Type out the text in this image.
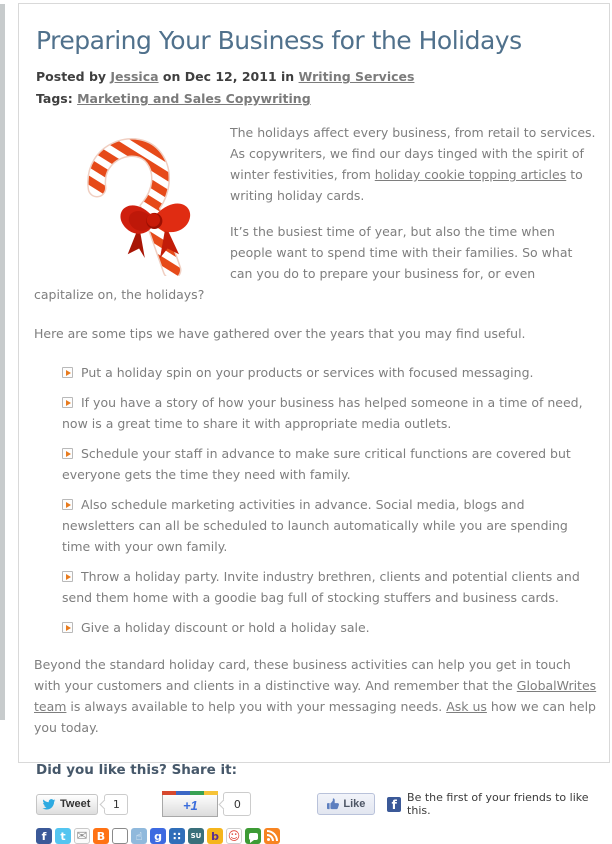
Preparing Your Business for the Holidays
Posted by Jessica on Dec 12, 2011 in Writing Services
Tags: Marketing and Sales Copywriting

The holidays affect every business, from retail to services. As copywriters, we find our days tinged with the spirit of winter festivities, from holiday cookie topping articles to writing holiday cards.

It’s the busiest time of year, but also the time when people want to spend time with their families. So what can you do to prepare your business for, or even capitalize on, the holidays?

Here are some tips we have gathered over the years that you may find useful.

Put a holiday spin on your products or services with focused messaging.
If you have a story of how your business has helped someone in a time of need, now is a great time to share it with appropriate media outlets.
Schedule your staff in advance to make sure critical functions are covered but everyone gets the time they need with family.
Also schedule marketing activities in advance. Social media, blogs and newsletters can all be scheduled to launch automatically while you are spending time with your own family.
Throw a holiday party. Invite industry brethren, clients and potential clients and send them home with a goodie bag full of stocking stuffers and business cards.
Give a holiday discount or hold a holiday sale.

Beyond the standard holiday card, these business activities can help you get in touch with your customers and clients in a distinctive way. And remember that the GlobalWrites team is always available to help you with your messaging needs. Ask us how we can help you today.

Did you like this? Share it:
Tweet	1	+1	0	Like	f Be the first of your friends to like this.
f t ✉ B	☝ g ∷ SU b ☺
